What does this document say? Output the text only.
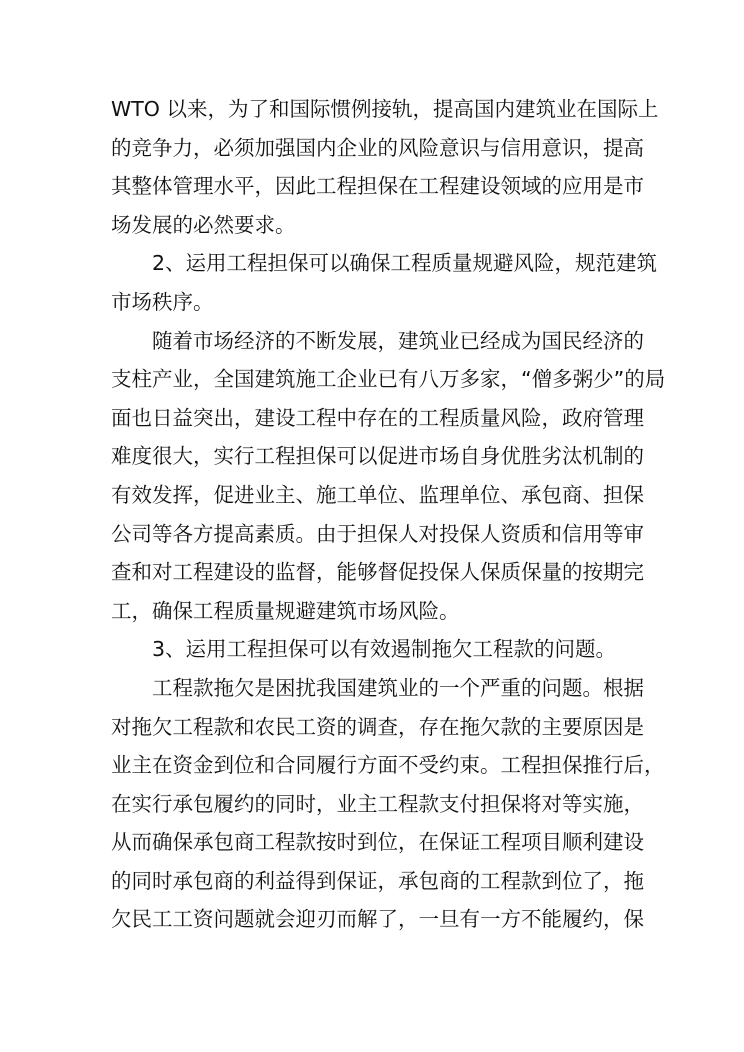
WTO 以来，为了和国际惯例接轨，提高国内建筑业在国际上
的竞争力，必须加强国内企业的风险意识与信用意识，提高
其整体管理水平，因此工程担保在工程建设领域的应用是市
场发展的必然要求。
2、运用工程担保可以确保工程质量规避风险，规范建筑
市场秩序。
随着市场经济的不断发展，建筑业已经成为国民经济的
支柱产业，全国建筑施工企业已有八万多家，“僧多粥少”的局
面也日益突出，建设工程中存在的工程质量风险，政府管理
难度很大，实行工程担保可以促进市场自身优胜劣汰机制的
有效发挥，促进业主、施工单位、监理单位、承包商、担保
公司等各方提高素质。由于担保人对投保人资质和信用等审
查和对工程建设的监督，能够督促投保人保质保量的按期完
工，确保工程质量规避建筑市场风险。
3、运用工程担保可以有效遏制拖欠工程款的问题。
工程款拖欠是困扰我国建筑业的一个严重的问题。根据
对拖欠工程款和农民工资的调查，存在拖欠款的主要原因是
业主在资金到位和合同履行方面不受约束。工程担保推行后，
在实行承包履约的同时，业主工程款支付担保将对等实施，
从而确保承包商工程款按时到位，在保证工程项目顺利建设
的同时承包商的利益得到保证，承包商的工程款到位了，拖
欠民工工资问题就会迎刃而解了，一旦有一方不能履约，保
